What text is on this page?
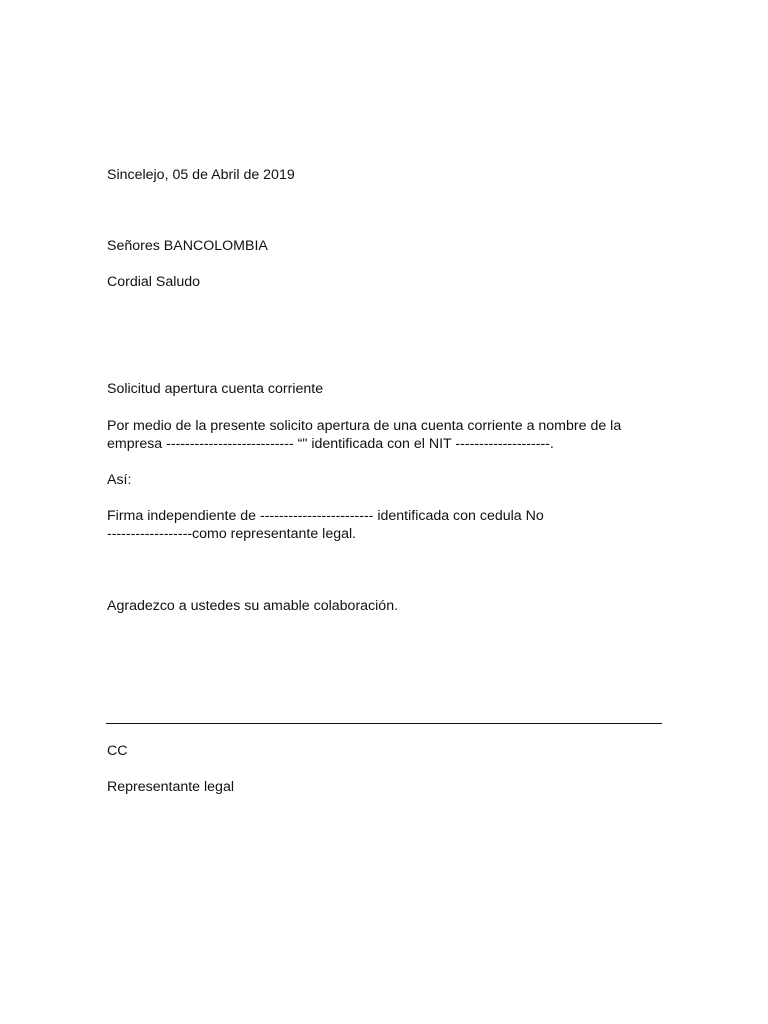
Sincelejo, 05 de Abril de 2019

Señores BANCOLOMBIA

Cordial Saludo

Solicitud apertura cuenta corriente

Por medio de la presente solicito apertura de una cuenta corriente a nombre de la

empresa --------------------------- “" identificada con el NIT --------------------.

Así:

Firma independiente de ------------------------ identificada con cedula No

------------------como representante legal.

Agradezco a ustedes su amable colaboración.

CC

Representante legal
